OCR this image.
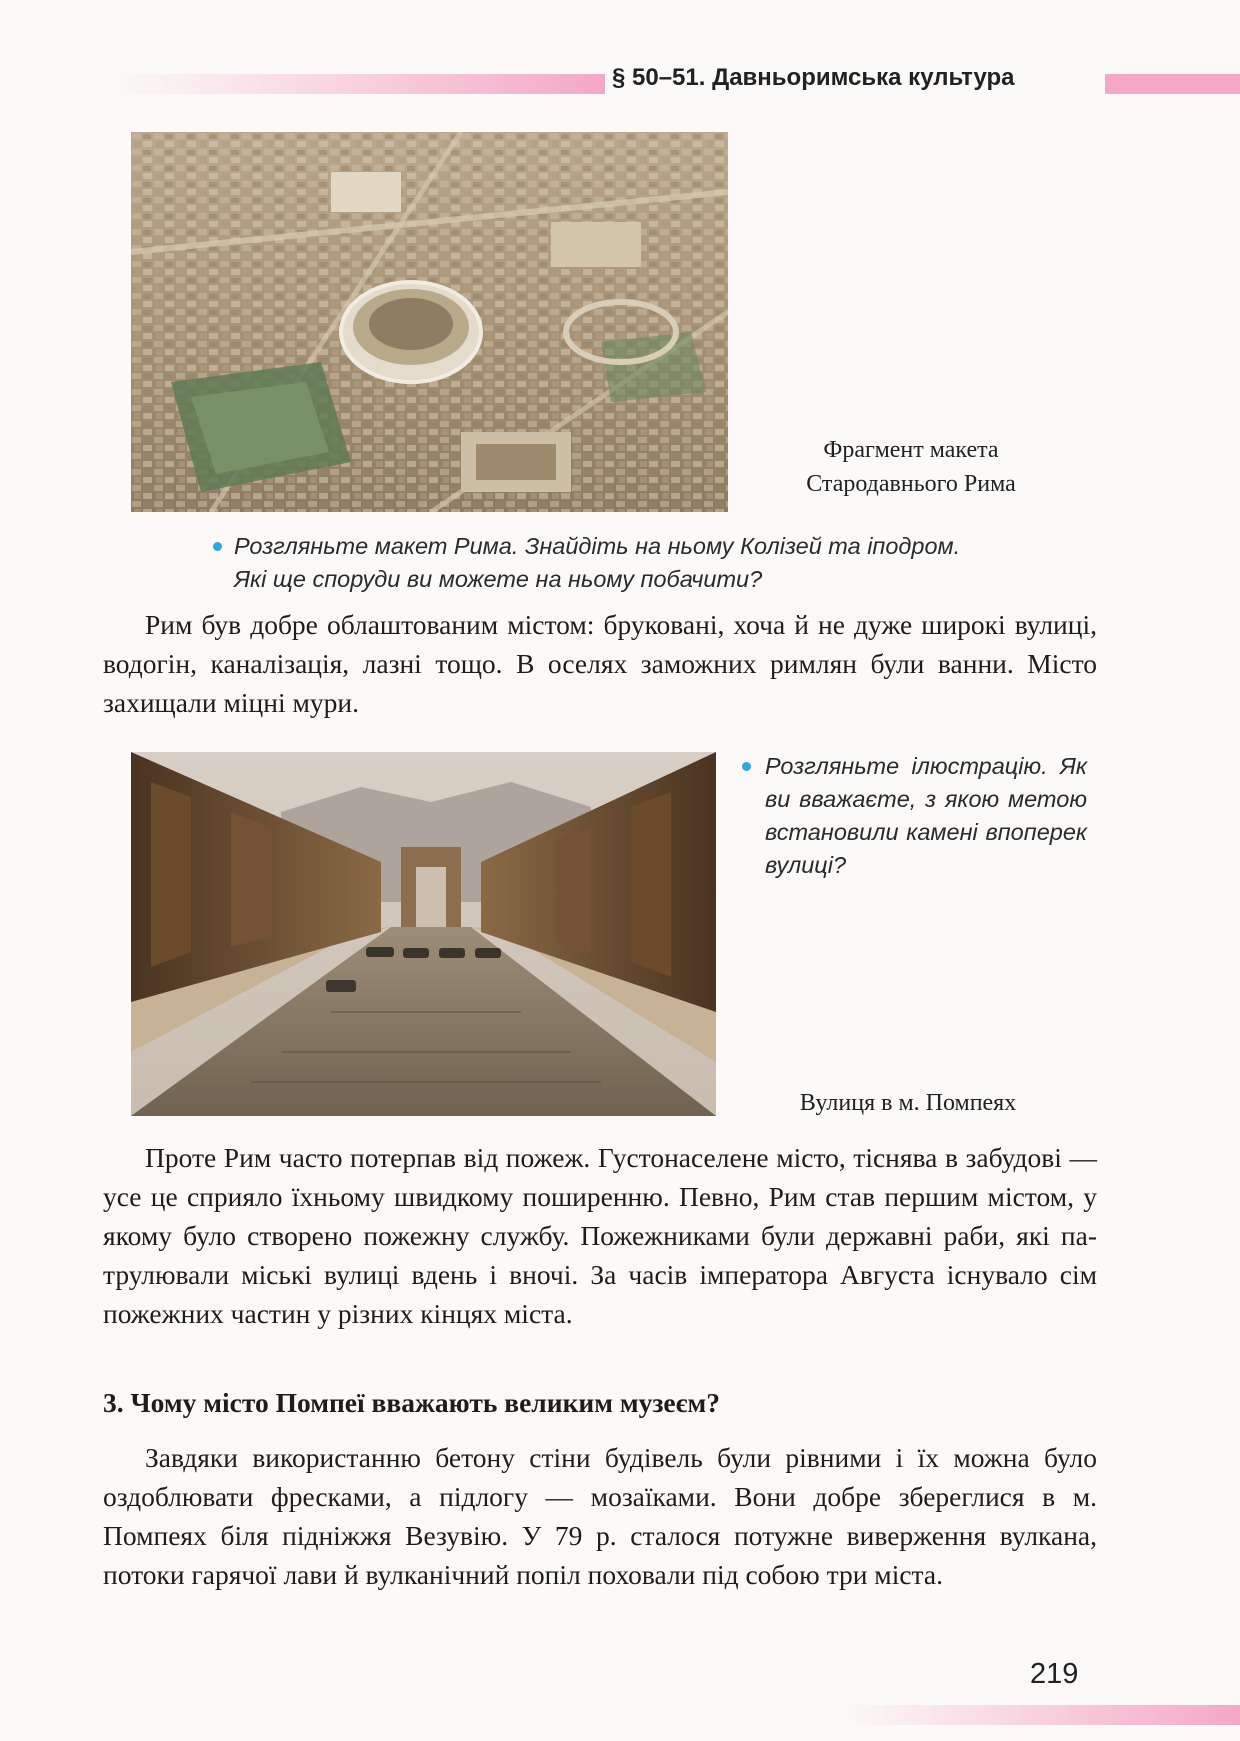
§ 50–51. Давньоримська культура
Фрагмент макета
Стародавнього Рима
Розгляньте макет Рима. Знайдіть на ньому Колізей та іподром.
Які ще споруди ви можете на ньому побачити?

Рим був добре облаштованим містом: бруковані, хоча й не дуже широкі вулиці, водогін, каналізація, лазні тощо. В оселях заможних римлян були ванни. Місто захищали міцні мури.

Розгляньте ілюстрацію. Як ви вважаєте, з якою метою встановили камені впоперек вулиці?
Вулиця в м. Помпеях

Проте Рим часто потерпав від пожеж. Густонаселене місто, тіснява в забудові — усе це сприяло їхньому швидкому поширенню. Певно, Рим став першим містом, у якому було створено пожежну службу. Пожежниками були державні раби, які патрулювали міські вулиці вдень і вночі. За часів імператора Августа існувало сім пожежних частин у різних кінцях міста.

3. Чому місто Помпеї вважають великим музеєм?

Завдяки використанню бетону стіни будівель були рівними і їх можна було оздоблювати фресками, а підлогу — мозаїками. Вони добре збереглися в м. Помпеях біля підніжжя Везувію. У 79 р. сталося потужне виверження вулкана, потоки гарячої лави й вулканічний попіл поховали під собою три міста.

219
